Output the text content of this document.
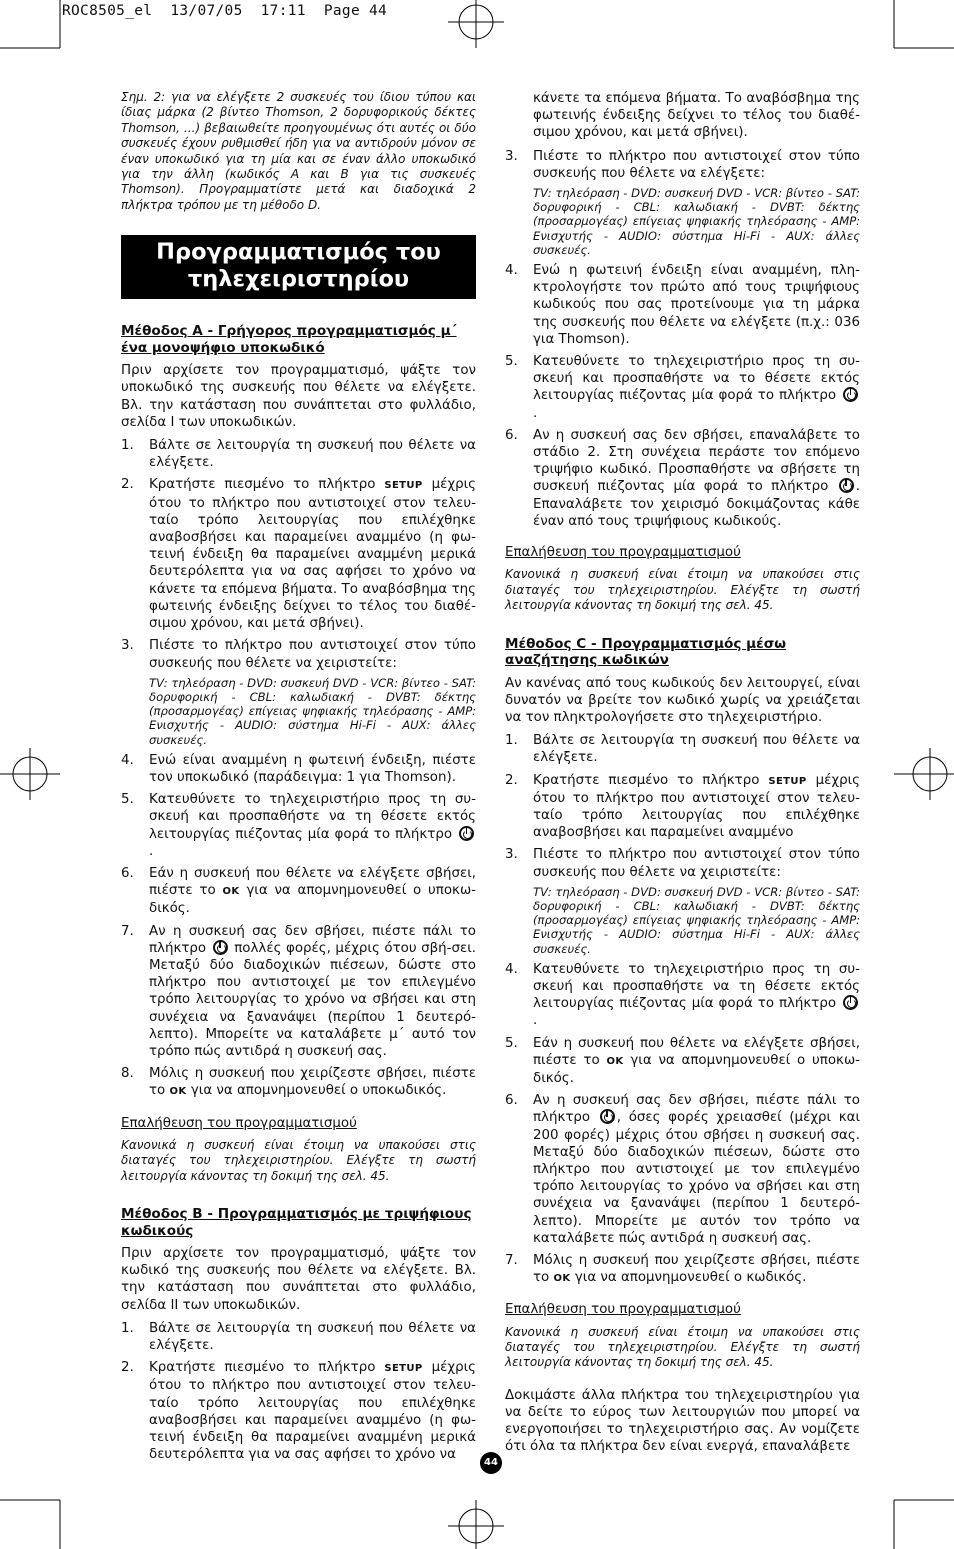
ROC8505_el  13/07/05  17:11  Page 44

Σημ. 2: για να ελέγξετε 2 συσκευές του ίδιου τύπου και ίδιας μάρκα (2 βίντεο Thomson, 2 δορυφορικούς δέκτες Thomson, ...) βεβαιωθείτε προηγουμένως ότι αυτές οι δύο συσκευές έχουν ρυθμισθεί ήδη για να αντιδρούν μόνον σε έναν υποκωδικό για τη μία και σε έναν άλλο υποκωδικό για την άλλη (κωδικός A και B για τις συσκευές Thomson). Προγραμματίστε μετά και διαδοχικά 2 πλήκτρα τρόπου με τη μέθοδο D.

Προγραμματισμός του τηλεχειριστηρίου
Μέθοδος A - Γρήγορος προγραμματισμός μ΄ ένα μονοψήφιο υποκωδικό

Πριν αρχίσετε τον προγραμματισμό, ψάξτε τον υποκωδικό της συσκευής που θέλετε να ελέγξετε. Βλ. την κατάσταση που συνάπτεται στο φυλλάδιο, σελίδα I των υποκωδικών.

1. Βάλτε σε λειτουργία τη συσκευή που θέλετε να ελέγξετε.
2. Κρατήστε πιεσμένο το πλήκτρο SETUP μέχρις ότου το πλήκτρο που αντιστοιχεί στον τελευ-ταίο τρόπο λειτουργίας που επιλέχθηκε αναβοσβήσει και παραμείνει αναμμένο (η φω-τεινή ένδειξη θα παραμείνει αναμμένη μερικά δευτερόλεπτα για να σας αφήσει το χρόνο να κάνετε τα επόμενα βήματα. Το αναβόσβημα της φωτεινής ένδειξης δείχνει το τέλος του διαθέ-σιμου χρόνου, και μετά σβήνει).
3. Πιέστε το πλήκτρο που αντιστοιχεί στον τύπο συσκευής που θέλετε να χειριστείτε:
TV: τηλεόραση - DVD: συσκευή DVD - VCR: βίντεο - SAT: δορυφορική - CBL: καλωδιακή - DVBT: δέκτης (προσαρμογέας) επίγειας ψηφιακής τηλεόρασης - AMP: Ενισχυτής - AUDIO: σύστημα Hi-Fi - AUX: άλλες συσκευές.
4. Ενώ είναι αναμμένη η φωτεινή ένδειξη, πιέστε τον υποκωδικό (παράδειγμα: 1 για Thomson).
5. Κατευθύνετε το τηλεχειριστήριο προς τη συ-σκευή και προσπαθήστε να τη θέσετε εκτός λειτουργίας πιέζοντας μία φορά το πλήκτρο .
6. Εάν η συσκευή που θέλετε να ελέγξετε σβήσει, πιέστε το OK για να απομνημονευθεί ο υποκω-δικός.
7. Αν η συσκευή σας δεν σβήσει, πιέστε πάλι το πλήκτρο πολλές φορές, μέχρις ότου σβή-σει. Μεταξύ δύο διαδοχικών πιέσεων, δώστε στο πλήκτρο που αντιστοιχεί με τον επιλεγμένο τρόπο λειτουργίας το χρόνο να σβήσει και στη συνέχεια να ξανανάψει (περίπου 1 δευτερό-λεπτο). Μπορείτε να καταλάβετε μ΄ αυτό τον τρόπο πώς αντιδρά η συσκευή σας.
8. Μόλις η συσκευή που χειρίζεστε σβήσει, πιέστε το OK για να απομνημονευθεί ο υποκωδικός.
Επαλήθευση του προγραμματισμού

Κανονικά η συσκευή είναι έτοιμη να υπακούσει στις διαταγές του τηλεχειριστηρίου. Ελέγξτε τη σωστή λειτουργία κάνοντας τη δοκιμή της σελ. 45.

Μέθοδος B - Προγραμματισμός με τριψήφιους κωδικούς

Πριν αρχίσετε τον προγραμματισμό, ψάξτε τον κωδικό της συσκευής που θέλετε να ελέγξετε. Βλ. την κατάσταση που συνάπτεται στο φυλλάδιο, σελίδα II των υποκωδικών.

1. Βάλτε σε λειτουργία τη συσκευή που θέλετε να ελέγξετε.
2. Κρατήστε πιεσμένο το πλήκτρο SETUP μέχρις ότου το πλήκτρο που αντιστοιχεί στον τελευ-ταίο τρόπο λειτουργίας που επιλέχθηκε αναβοσβήσει και παραμείνει αναμμένο (η φω-τεινή ένδειξη θα παραμείνει αναμμένη μερικά δευτερόλεπτα για να σας αφήσει το χρόνο να

κάνετε τα επόμενα βήματα. Το αναβόσβημα της φωτεινής ένδειξης δείχνει το τέλος του διαθέ-σιμου χρόνου, και μετά σβήνει).

3. Πιέστε το πλήκτρο που αντιστοιχεί στον τύπο συσκευής που θέλετε να ελέγξετε:
TV: τηλεόραση - DVD: συσκευή DVD - VCR: βίντεο - SAT: δορυφορική - CBL: καλωδιακή - DVBT: δέκτης (προσαρμογέας) επίγειας ψηφιακής τηλεόρασης - AMP: Ενισχυτής - AUDIO: σύστημα Hi-Fi - AUX: άλλες συσκευές.
4. Ενώ η φωτεινή ένδειξη είναι αναμμένη, πλη-κτρολογήστε τον πρώτο από τους τριψήφιους κωδικούς που σας προτείνουμε για τη μάρκα της συσκευής που θέλετε να ελέγξετε (π.χ.: 036 για Thomson).
5. Κατευθύνετε το τηλεχειριστήριο προς τη συ-σκευή και προσπαθήστε να το θέσετε εκτός λειτουργίας πιέζοντας μία φορά το πλήκτρο .
6. Αν η συσκευή σας δεν σβήσει, επαναλάβετε το στάδιο 2. Στη συνέχεια περάστε τον επόμενο τριψήφιο κωδικό. Προσπαθήστε να σβήσετε τη συσκευή πιέζοντας μία φορά το πλήκτρο . Επαναλάβετε τον χειρισμό δοκιμάζοντας κάθε έναν από τους τριψήφιους κωδικούς.
Επαλήθευση του προγραμματισμού

Κανονικά η συσκευή είναι έτοιμη να υπακούσει στις διαταγές του τηλεχειριστηρίου. Ελέγξτε τη σωστή λειτουργία κάνοντας τη δοκιμή της σελ. 45.

Μέθοδος C - Προγραμματισμός μέσω αναζήτησης κωδικών

Αν κανένας από τους κωδικούς δεν λειτουργεί, είναι δυνατόν να βρείτε τον κωδικό χωρίς να χρειάζεται να τον πληκτρολογήσετε στο τηλεχειριστήριο.

1. Βάλτε σε λειτουργία τη συσκευή που θέλετε να ελέγξετε.
2. Κρατήστε πιεσμένο το πλήκτρο SETUP μέχρις ότου το πλήκτρο που αντιστοιχεί στον τελευ-ταίο τρόπο λειτουργίας που επιλέχθηκε αναβοσβήσει και παραμείνει αναμμένο
3. Πιέστε το πλήκτρο που αντιστοιχεί στον τύπο συσκευής που θέλετε να χειριστείτε:
TV: τηλεόραση - DVD: συσκευή DVD - VCR: βίντεο - SAT: δορυφορική - CBL: καλωδιακή - DVBT: δέκτης (προσαρμογέας) επίγειας ψηφιακής τηλεόρασης - AMP: Ενισχυτής - AUDIO: σύστημα Hi-Fi - AUX: άλλες συσκευές.
4. Κατευθύνετε το τηλεχειριστήριο προς τη συ-σκευή και προσπαθήστε να τη θέσετε εκτός λειτουργίας πιέζοντας μία φορά το πλήκτρο .
5. Εάν η συσκευή που θέλετε να ελέγξετε σβήσει, πιέστε το OK για να απομνημονευθεί ο υποκω-δικός.
6. Αν η συσκευή σας δεν σβήσει, πιέστε πάλι το πλήκτρο , όσες φορές χρειασθεί (μέχρι και 200 φορές) μέχρις ότου σβήσει η συσκευή σας. Μεταξύ δύο διαδοχικών πιέσεων, δώστε στο πλήκτρο που αντιστοιχεί με τον επιλεγμένο τρόπο λειτουργίας το χρόνο να σβήσει και στη συνέχεια να ξανανάψει (περίπου 1 δευτερό-λεπτο). Μπορείτε με αυτόν τον τρόπο να καταλάβετε πώς αντιδρά η συσκευή σας.
7. Μόλις η συσκευή που χειρίζεστε σβήσει, πιέστε το OK για να απομνημονευθεί ο κωδικός.
Επαλήθευση του προγραμματισμού

Κανονικά η συσκευή είναι έτοιμη να υπακούσει στις διαταγές του τηλεχειριστηρίου. Ελέγξτε τη σωστή λειτουργία κάνοντας τη δοκιμή της σελ. 45.

Δοκιμάστε άλλα πλήκτρα του τηλεχειριστηρίου για να δείτε το εύρος των λειτουργιών που μπορεί να ενεργοποιήσει το τηλεχειριστήριο σας. Αν νομίζετε ότι όλα τα πλήκτρα δεν είναι ενεργά, επαναλάβετε

44
